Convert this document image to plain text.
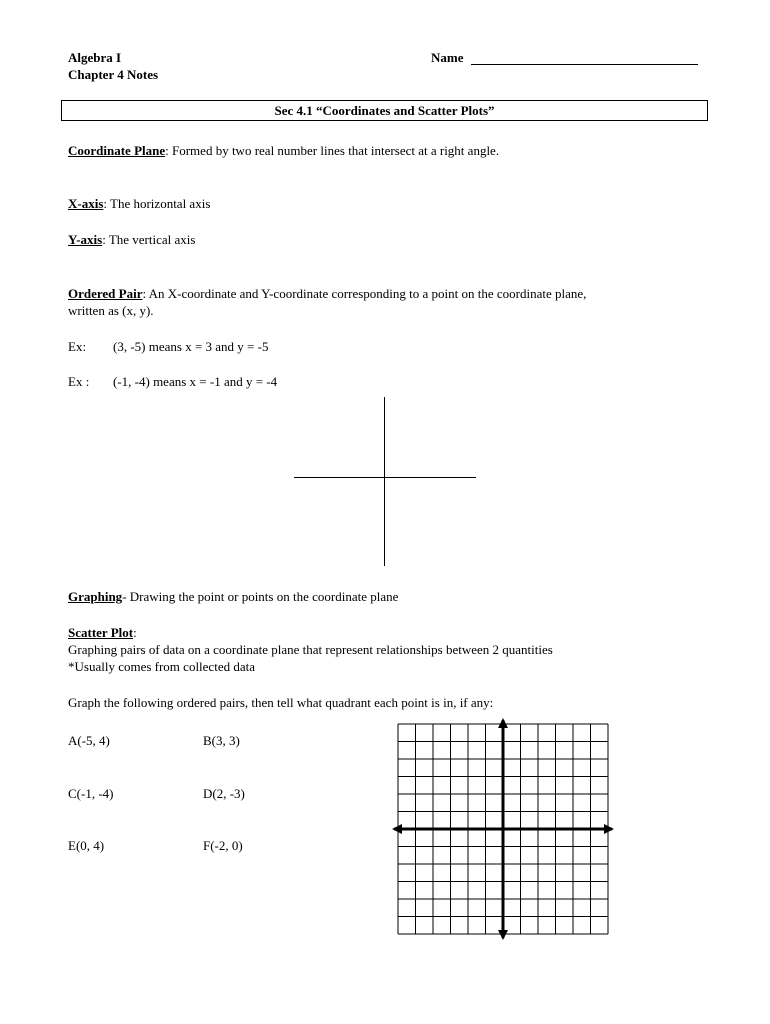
Algebra I
Chapter 4 Notes
Name
Sec 4.1 “Coordinates and Scatter Plots”
Coordinate Plane: Formed by two real number lines that intersect at a right angle.
X-axis: The horizontal axis
Y-axis: The vertical axis
Ordered Pair: An X-coordinate and Y-coordinate corresponding to a point on the coordinate plane,
written as (x, y).
Ex: (3, -5) means x = 3 and y = -5
Ex : (-1, -4) means x = -1 and y = -4
Graphing- Drawing the point or points on the coordinate plane
Scatter Plot:
Graphing pairs of data on a coordinate plane that represent relationships between 2 quantities
*Usually comes from collected data
Graph the following ordered pairs, then tell what quadrant each point is in, if any:
A(-5, 4)	B(3, 3)
C(-1, -4)	D(2, -3)
E(0, 4)	F(-2, 0)
